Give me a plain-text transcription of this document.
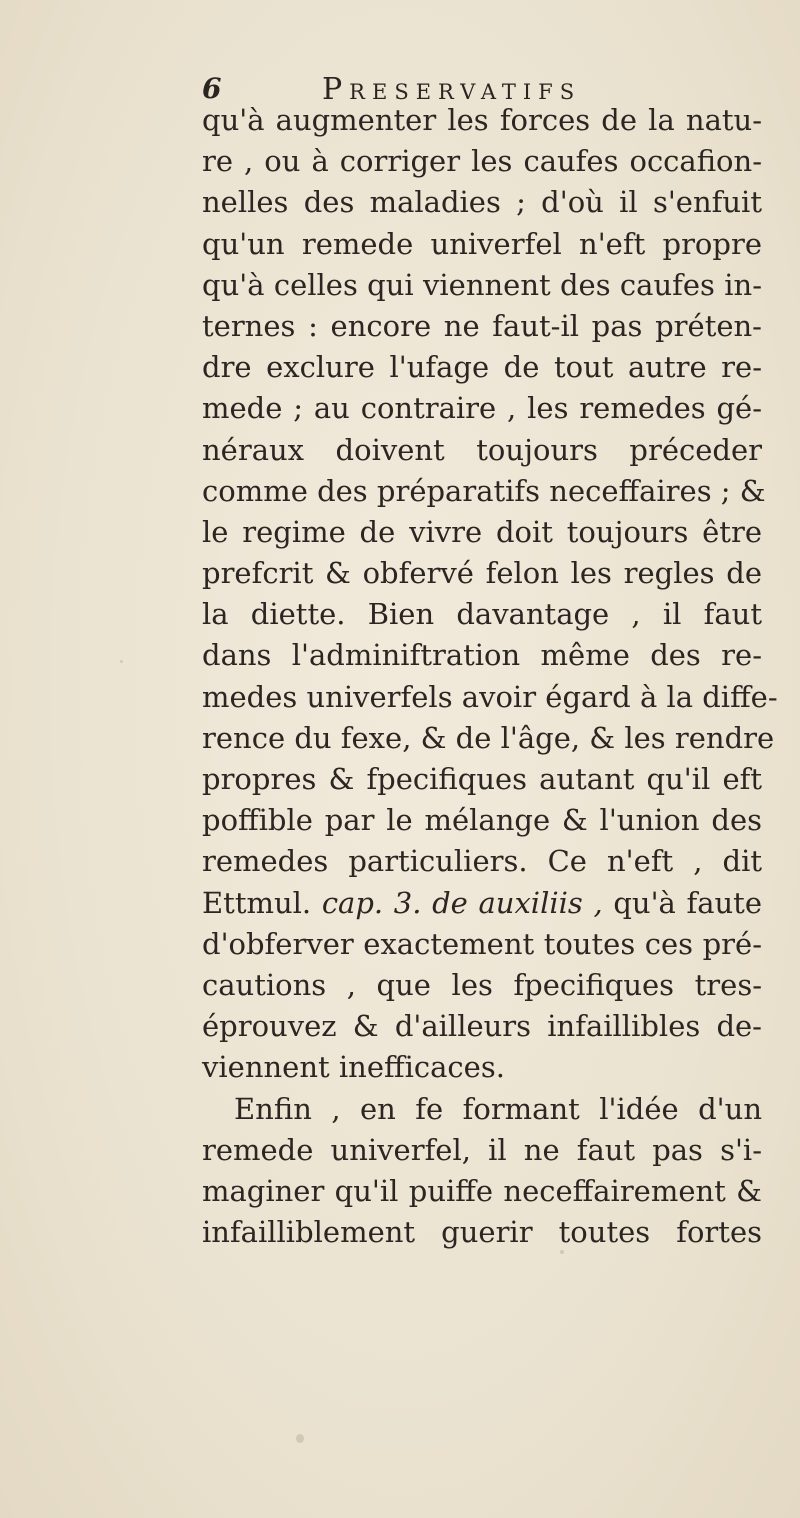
6	Preservatifs
qu'à augmenter les forces de la natu-
re , ou à corriger les caufes occafion-
nelles des maladies ; d'où il s'enfuit
qu'un remede univerfel n'eft propre
qu'à celles qui viennent des caufes in-
ternes : encore ne faut-il pas préten-
dre exclure l'ufage de tout autre re-
mede ; au contraire , les remedes gé-
néraux doivent toujours préceder
comme des préparatifs neceffaires ; &
le regime de vivre doit toujours être
prefcrit & obfervé felon les regles de
la diette. Bien davantage , il faut
dans l'adminiftration même des re-
medes univerfels avoir égard à la diffe-
rence du fexe, & de l'âge, & les rendre
propres & fpecifiques autant qu'il eft
poffible par le mélange & l'union des
remedes particuliers. Ce n'eft , dit
Ettmul. cap. 3. de auxiliis , qu'à faute
d'obferver exactement toutes ces pré-
cautions , que les fpecifiques tres-
éprouvez & d'ailleurs infaillibles de-
viennent inefficaces.
Enfin , en fe formant l'idée d'un
remede univerfel, il ne faut pas s'i-
maginer qu'il puiffe neceffairement &
infailliblement guerir toutes fortes
